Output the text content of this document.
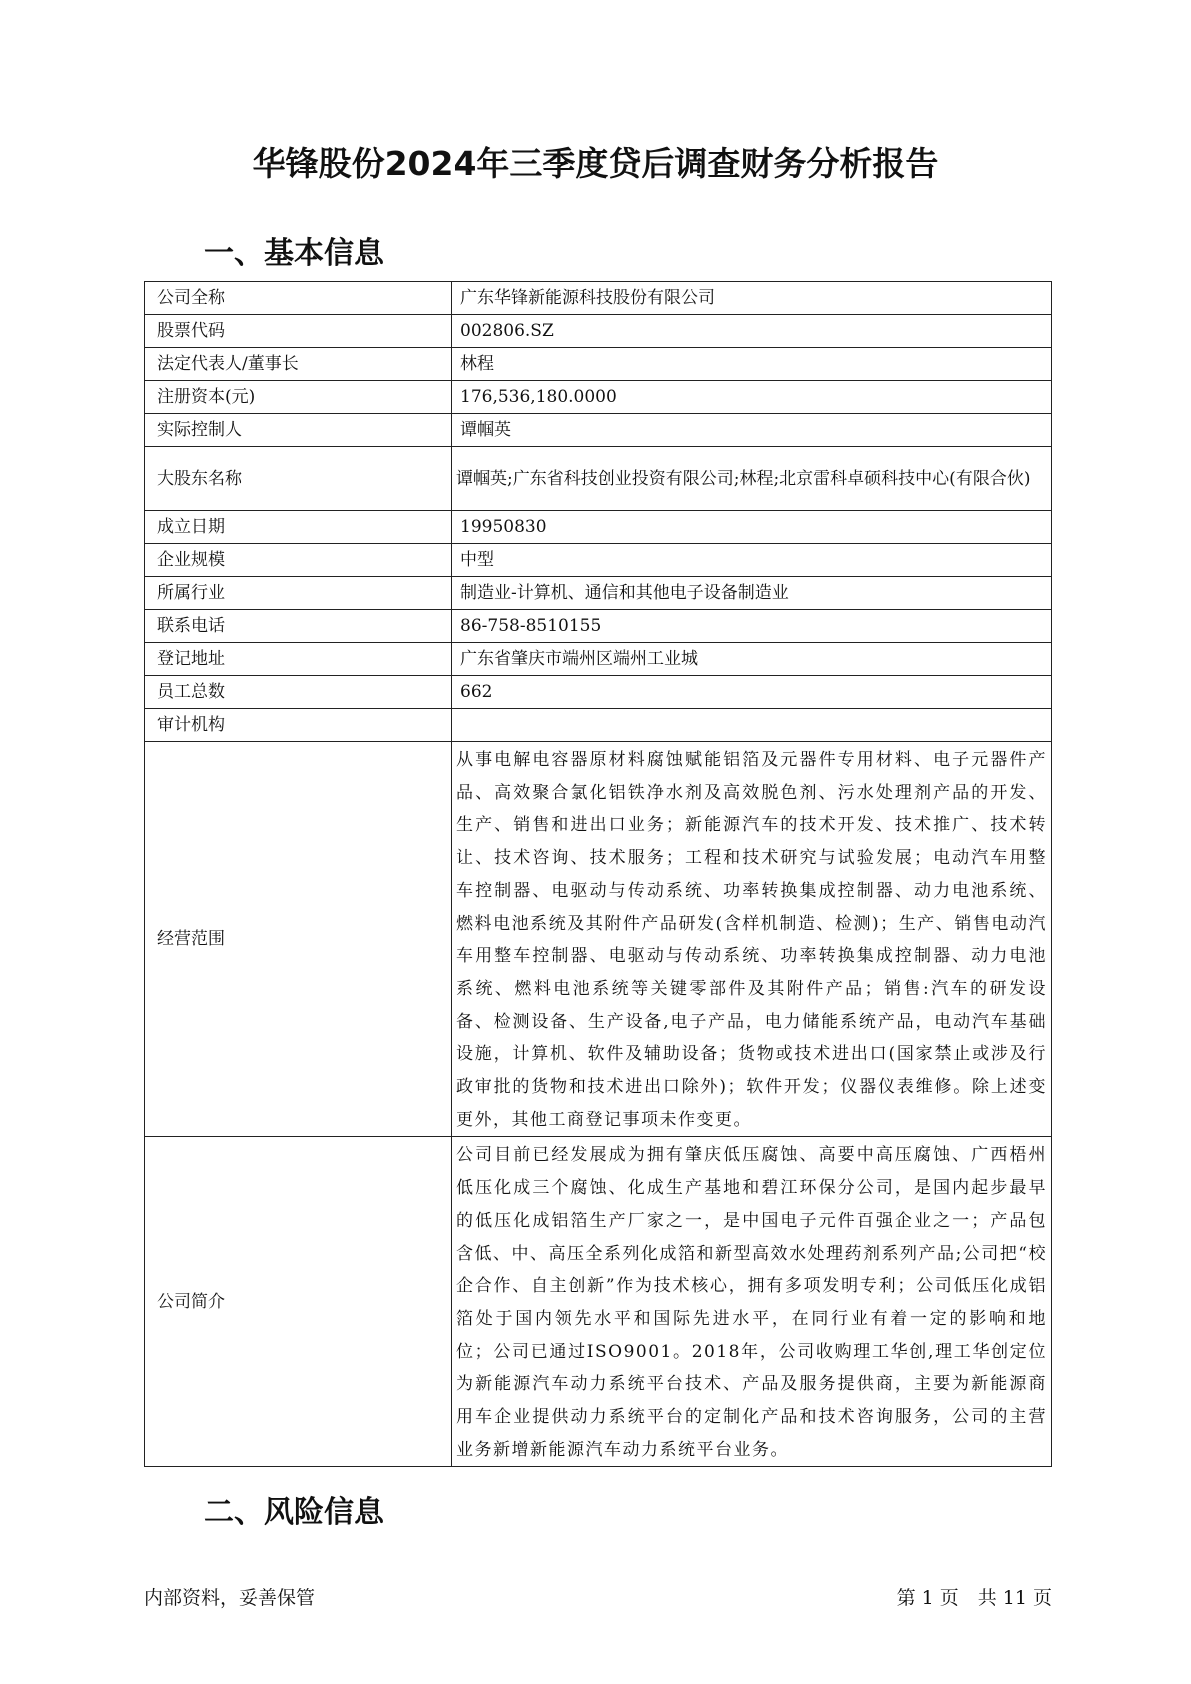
华锋股份2024年三季度贷后调查财务分析报告
一、基本信息
公司全称	广东华锋新能源科技股份有限公司
股票代码	002806.SZ
法定代表人/董事长	林程
注册资本(元)	176,536,180.0000
实际控制人	谭帼英
大股东名称	谭帼英;广东省科技创业投资有限公司;林程;北京雷科卓硕科技中心(有限合伙)
成立日期	19950830
企业规模	中型
所属行业	制造业-计算机、通信和其他电子设备制造业
联系电话	86-758-8510155
登记地址	广东省肇庆市端州区端州工业城
员工总数	662
审计机构	
经营范围	从事电解电容器原材料腐蚀赋能铝箔及元器件专用材料、电子元器件产品、高效聚合氯化铝铁净水剂及高效脱色剂、污水处理剂产品的开发、生产、销售和进出口业务；新能源汽车的技术开发、技术推广、技术转让、技术咨询、技术服务；工程和技术研究与试验发展；电动汽车用整车控制器、电驱动与传动系统、功率转换集成控制器、动力电池系统、燃料电池系统及其附件产品研发(含样机制造、检测)；生产、销售电动汽车用整车控制器、电驱动与传动系统、功率转换集成控制器、动力电池系统、燃料电池系统等关键零部件及其附件产品；销售:汽车的研发设备、检测设备、生产设备,电子产品，电力储能系统产品，电动汽车基础设施，计算机、软件及辅助设备；货物或技术进出口(国家禁止或涉及行政审批的货物和技术进出口除外)；软件开发；仪器仪表维修。除上述变更外，其他工商登记事项未作变更。
公司简介	公司目前已经发展成为拥有肇庆低压腐蚀、高要中高压腐蚀、广西梧州低压化成三个腐蚀、化成生产基地和碧江环保分公司，是国内起步最早的低压化成铝箔生产厂家之一，是中国电子元件百强企业之一；产品包含低、中、高压全系列化成箔和新型高效水处理药剂系列产品;公司把“校企合作、自主创新”作为技术核心，拥有多项发明专利；公司低压化成铝箔处于国内领先水平和国际先进水平，在同行业有着一定的影响和地位；公司已通过ISO9001。2018年，公司收购理工华创,理工华创定位为新能源汽车动力系统平台技术、产品及服务提供商，主要为新能源商用车企业提供动力系统平台的定制化产品和技术咨询服务，公司的主营业务新增新能源汽车动力系统平台业务。
二、风险信息
内部资料，妥善保管	第 1 页　共 11 页
